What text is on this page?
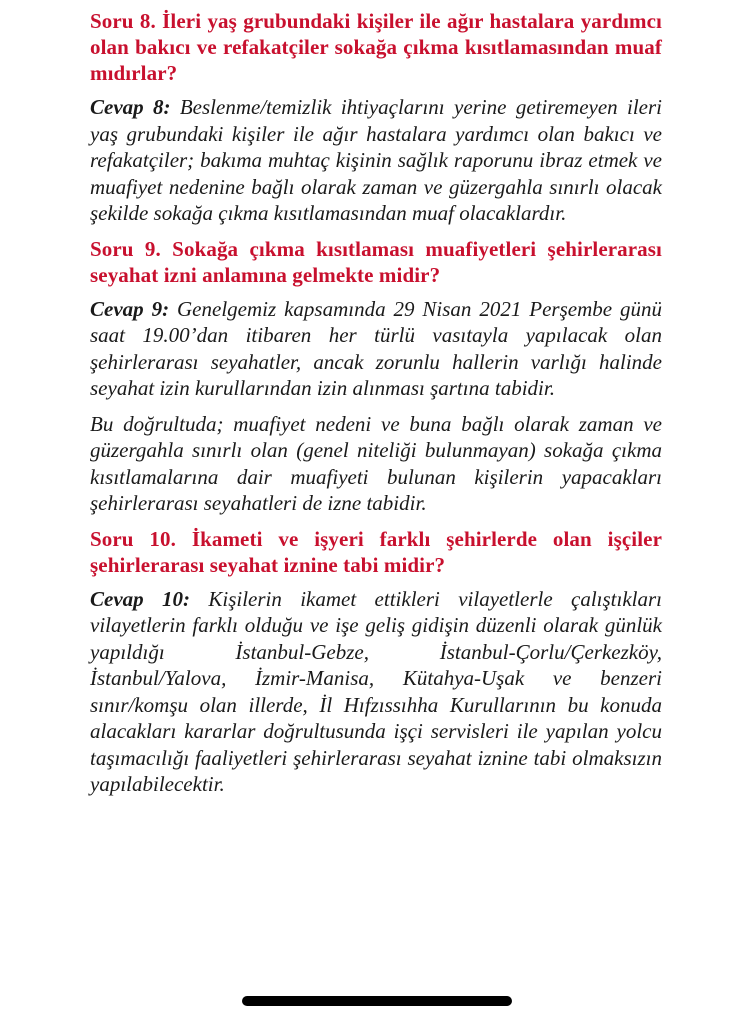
Soru 8. İleri yaş grubundaki kişiler ile ağır hastalara yardımcı olan bakıcı ve refakatçiler sokağa çıkma kısıtlamasından muaf mıdırlar?

Cevap 8: Beslenme/temizlik ihtiyaçlarını yerine getiremeyen ileri yaş grubundaki kişiler ile ağır hastalara yardımcı olan bakıcı ve refakatçiler; bakıma muhtaç kişinin sağlık raporunu ibraz etmek ve muafiyet nedenine bağlı olarak zaman ve güzergahla sınırlı olacak şekilde sokağa çıkma kısıtlamasından muaf olacaklardır.

Soru 9. Sokağa çıkma kısıtlaması muafiyetleri şehirlerarası seyahat izni anlamına gelmekte midir?

Cevap 9: Genelgemiz kapsamında 29 Nisan 2021 Perşembe günü saat 19.00’dan itibaren her türlü vasıtayla yapılacak olan şehirlerarası seyahatler, ancak zorunlu hallerin varlığı halinde seyahat izin kurullarından izin alınması şartına tabidir.

Bu doğrultuda; muafiyet nedeni ve buna bağlı olarak zaman ve güzergahla sınırlı olan (genel niteliği bulunmayan) sokağa çıkma kısıtlamalarına dair muafiyeti bulunan kişilerin yapacakları şehirlerarası seyahatleri de izne tabidir.

Soru 10. İkameti ve işyeri farklı şehirlerde olan işçiler şehirlerarası seyahat iznine tabi midir?

Cevap 10: Kişilerin ikamet ettikleri vilayetlerle çalıştıkları vilayetlerin farklı olduğu ve işe geliş gidişin düzenli olarak günlük yapıldığı İstanbul-Gebze, İstanbul-Çorlu/Çerkezköy, İstanbul/Yalova, İzmir-Manisa, Kütahya-Uşak ve benzeri sınır/komşu olan illerde, İl Hıfzıssıhha Kurullarının bu konuda alacakları kararlar doğrultusunda işçi servisleri ile yapılan yolcu taşımacılığı faaliyetleri şehirlerarası seyahat iznine tabi olmaksızın yapılabilecektir.
